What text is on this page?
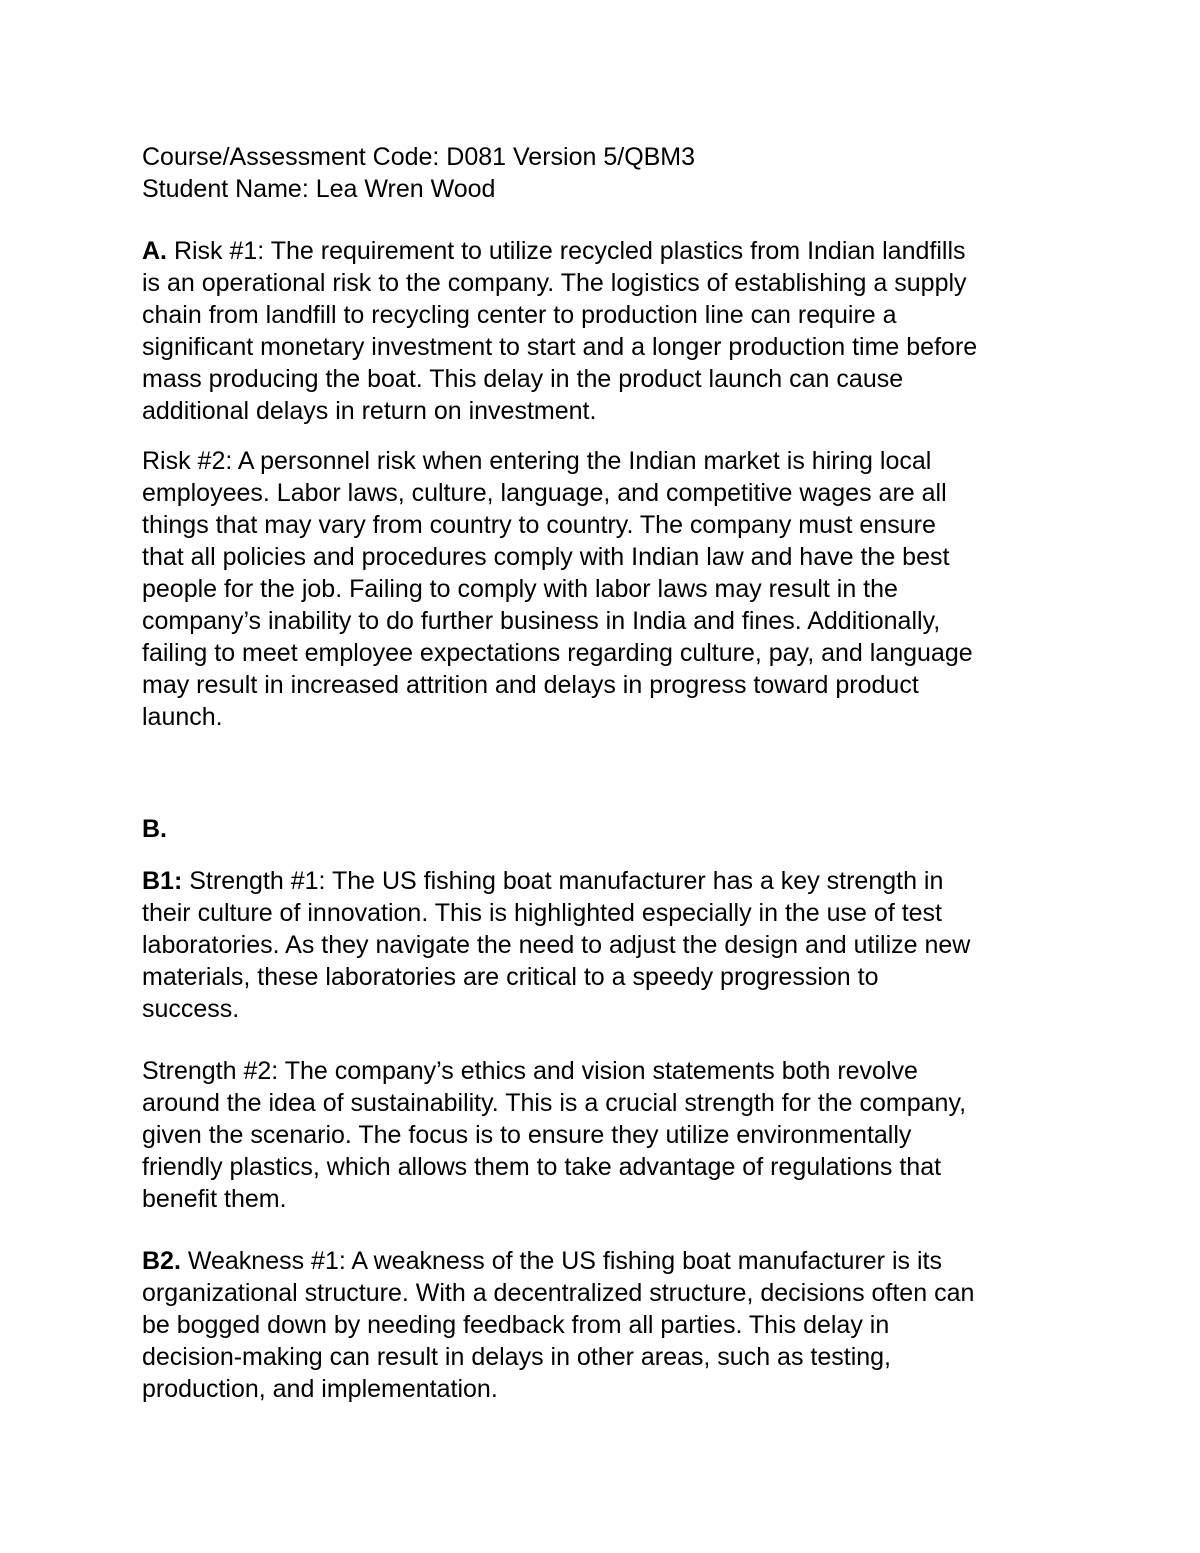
Course/Assessment Code: D081 Version 5/QBM3
Student Name: Lea Wren Wood
A. Risk #1: The requirement to utilize recycled plastics from Indian landfills
is an operational risk to the company. The logistics of establishing a supply
chain from landfill to recycling center to production line can require a
significant monetary investment to start and a longer production time before
mass producing the boat. This delay in the product launch can cause
additional delays in return on investment.
Risk #2: A personnel risk when entering the Indian market is hiring local
employees. Labor laws, culture, language, and competitive wages are all
things that may vary from country to country. The company must ensure
that all policies and procedures comply with Indian law and have the best
people for the job. Failing to comply with labor laws may result in the
company’s inability to do further business in India and fines. Additionally,
failing to meet employee expectations regarding culture, pay, and language
may result in increased attrition and delays in progress toward product
launch.
B.
B1: Strength #1: The US fishing boat manufacturer has a key strength in
their culture of innovation. This is highlighted especially in the use of test
laboratories. As they navigate the need to adjust the design and utilize new
materials, these laboratories are critical to a speedy progression to
success.
Strength #2: The company’s ethics and vision statements both revolve
around the idea of sustainability. This is a crucial strength for the company,
given the scenario. The focus is to ensure they utilize environmentally
friendly plastics, which allows them to take advantage of regulations that
benefit them.
B2. Weakness #1: A weakness of the US fishing boat manufacturer is its
organizational structure. With a decentralized structure, decisions often can
be bogged down by needing feedback from all parties. This delay in
decision-making can result in delays in other areas, such as testing,
production, and implementation.
